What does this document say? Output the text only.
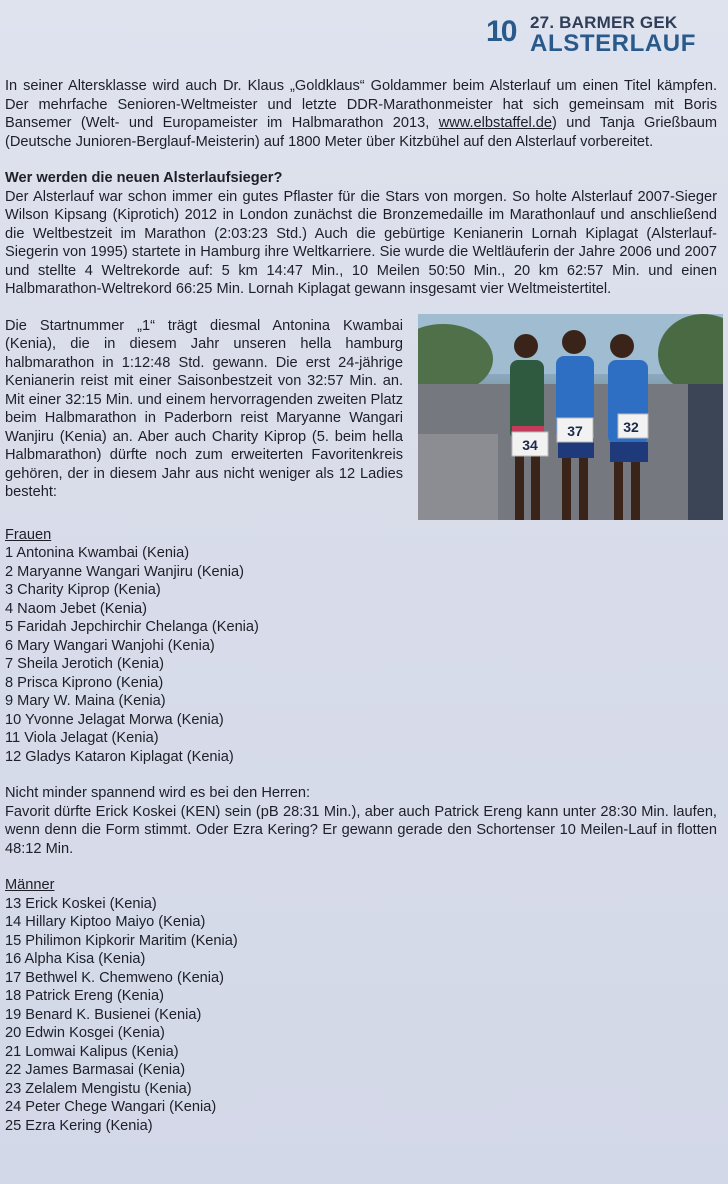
10 27. BARMER GEK
ALSTERLAUF

In seiner Altersklasse wird auch Dr. Klaus „Goldklaus“ Goldammer beim Alsterlauf um einen Titel kämpfen. Der mehrfache Senioren-Weltmeister und letzte DDR-Marathonmeister hat sich gemeinsam mit Boris Bansemer (Welt- und Europameister im Halbmarathon 2013, www.elbstaffel.de) und Tanja Grießbaum (Deutsche Junioren-Berglauf-Meisterin) auf 1800 Meter über Kitzbühel auf den Alsterlauf vorbereitet.

Wer werden die neuen Alsterlaufsieger?

Der Alsterlauf war schon immer ein gutes Pflaster für die Stars von morgen. So holte Alsterlauf 2007-Sieger Wilson Kipsang (Kiprotich) 2012 in London zunächst die Bronzemedaille im Marathonlauf und anschließend die Weltbestzeit im Marathon (2:03:23 Std.) Auch die gebürtige Kenianerin Lornah Kiplagat (Alsterlauf-Siegerin von 1995) startete in Hamburg ihre Weltkarriere. Sie wurde die Weltläuferin der Jahre 2006 und 2007 und stellte 4 Weltrekorde auf: 5 km 14:47 Min., 10 Meilen 50:50 Min., 20 km 62:57 Min. und einen Halbmarathon-Weltrekord 66:25 Min. Lornah Kiplagat gewann insgesamt vier Weltmeistertitel.

Die Startnummer „1“ trägt diesmal Antonina Kwambai (Kenia), die in diesem Jahr unseren hella hamburg halbmarathon in 1:12:48 Std. gewann. Die erst 24-jährige Kenianerin reist mit einer Saisonbestzeit von 32:57 Min. an. Mit einer 32:15 Min. und einem hervorragenden zweiten Platz beim Halbmarathon in Paderborn reist Maryanne Wangari Wanjiru (Kenia) an. Aber auch Charity Kiprop (5. beim hella Halbmarathon) dürfte noch zum erweiterten Favoritenkreis gehören, der in diesem Jahr aus nicht weniger als 12 Ladies besteht:

34
37	32
Frauen
1 Antonina Kwambai (Kenia)
2 Maryanne Wangari Wanjiru (Kenia)
3 Charity Kiprop (Kenia)
4 Naom Jebet (Kenia)
5 Faridah Jepchirchir Chelanga (Kenia)
6 Mary Wangari Wanjohi (Kenia)
7 Sheila Jerotich (Kenia)
8 Prisca Kiprono (Kenia)
9 Mary W. Maina (Kenia)
10 Yvonne Jelagat Morwa (Kenia)
11 Viola Jelagat (Kenia)
12 Gladys Kataron Kiplagat (Kenia)

Nicht minder spannend wird es bei den Herren:
Favorit dürfte Erick Koskei (KEN) sein (pB 28:31 Min.), aber auch Patrick Ereng kann unter 28:30 Min. laufen, wenn denn die Form stimmt. Oder Ezra Kering? Er gewann gerade den Schortenser 10 Meilen-Lauf in flotten 48:12 Min.

Männer
13 Erick Koskei (Kenia)
14 Hillary Kiptoo Maiyo (Kenia)
15 Philimon Kipkorir Maritim (Kenia)
16 Alpha Kisa (Kenia)
17 Bethwel K. Chemweno (Kenia)
18 Patrick Ereng (Kenia)
19 Benard K. Busienei (Kenia)
20 Edwin Kosgei (Kenia)
21 Lomwai Kalipus (Kenia)
22 James Barmasai (Kenia)
23 Zelalem Mengistu (Kenia)
24 Peter Chege Wangari (Kenia)
25 Ezra Kering (Kenia)
